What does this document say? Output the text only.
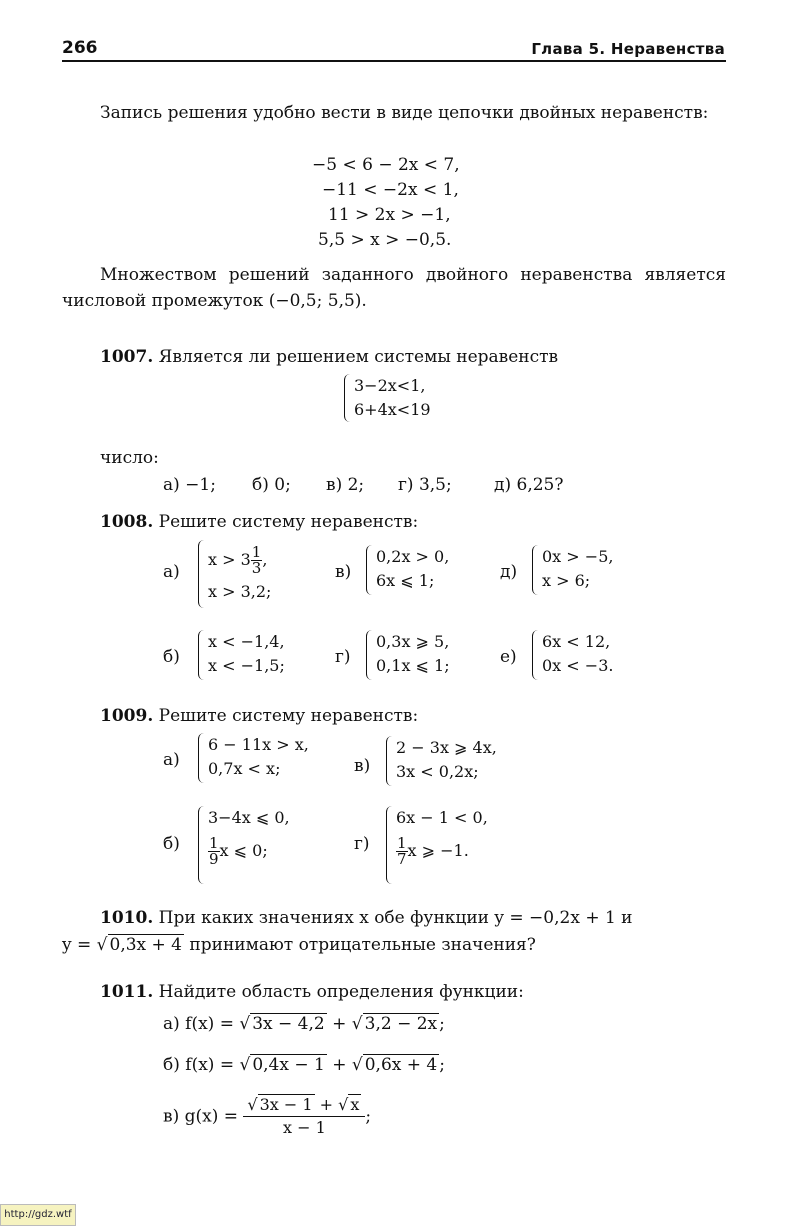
266	Глава 5. Неравенства
Запись решения удобно вести в виде цепочки двойных неравенств:
−5 < 6 − 2x < 7,
−11 < −2x < 1,
11 > 2x > −1,
5,5 > x > −0,5.
Множеством решений заданного двойного неравенства является числовой промежуток (−0,5; 5,5).
1007. Является ли решением системы неравенств
3−2x<1,
6+4x<19
число:
а) −1; б) 0; в) 2; г) 3,5; д) 6,25?
1008. Решите систему неравенств:
а)
$x > 3 \frac{1}{3}$ ,
x > 3,2;
в)
0,2x > 0,
6x ⩽ 1;	д)
0x > −5,
x > 6;
б)
x < −1,4,
x < −1,5;	г)
0,3x ⩾ 5,
0,1x ⩽ 1;	е)
6x < 12,
0x < −3.
1009. Решите систему неравенств:
а)
6 − 11x > x,
0,7x < x;	в)
2 − 3x ⩾ 4x,
3x < 0,2x;
б)
3−4x ⩽ 0,
$\frac{1}{9}$ x ⩽ 0;	г)
6x − 1 < 0,
$\frac{1}{7}$ x ⩾ −1.
1010. При каких значениях x обе функции y = −0,2x + 1 и
y = √ 0,3x + 4 принимают отрицательные значения?
1011. Найдите область определения функции:
а) f(x) = √ 3x − 4,2 + √ 3,2 − 2x ;
б) f(x) = √ 0,4x − 1 + √ 0,6x + 4 ;
в) $g(x) = \frac{√ 3x - 1 + √ x}{x - 1}$ ;
http://gdz.wtf
